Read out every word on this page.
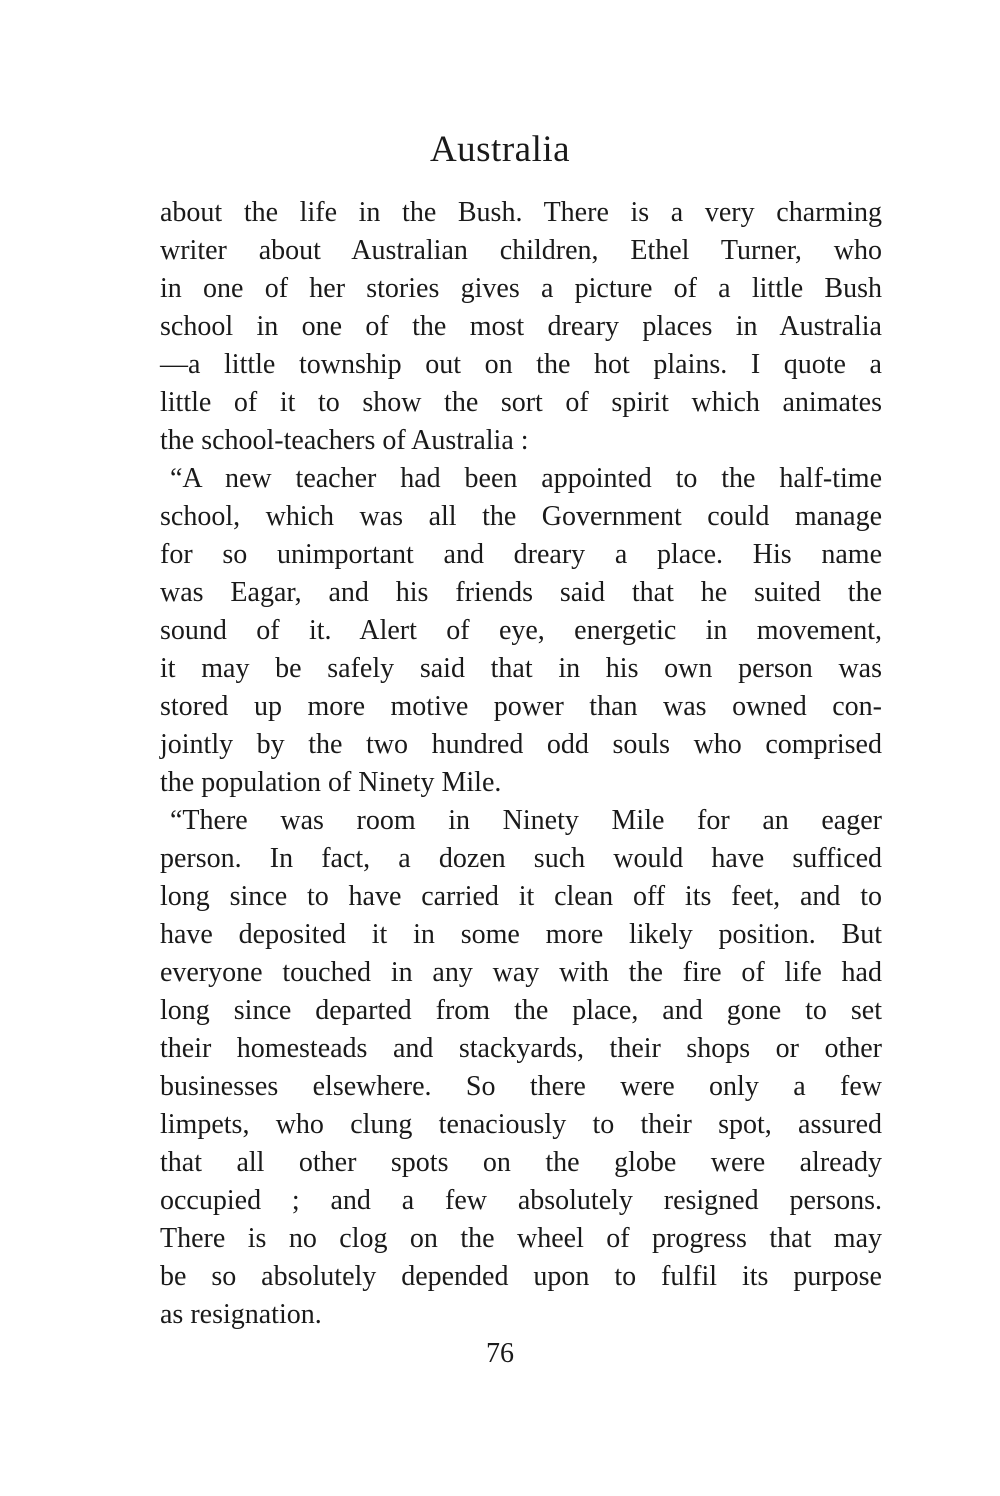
Australia
about the life in the Bush. There is a very charming
writer about Australian children, Ethel Turner, who
in one of her stories gives a picture of a little Bush
school in one of the most dreary places in Australia
—a little township out on the hot plains. I quote a
little of it to show the sort of spirit which animates
the school-teachers of Australia :
“A new teacher had been appointed to the half-time
school, which was all the Government could manage
for so unimportant and dreary a place. His name
was Eagar, and his friends said that he suited the
sound of it. Alert of eye, energetic in movement,
it may be safely said that in his own person was
stored up more motive power than was owned con-
jointly by the two hundred odd souls who comprised
the population of Ninety Mile.
“There was room in Ninety Mile for an eager
person. In fact, a dozen such would have sufficed
long since to have carried it clean off its feet, and to
have deposited it in some more likely position. But
everyone touched in any way with the fire of life had
long since departed from the place, and gone to set
their homesteads and stackyards, their shops or other
businesses elsewhere. So there were only a few
limpets, who clung tenaciously to their spot, assured
that all other spots on the globe were already
occupied ; and a few absolutely resigned persons.
There is no clog on the wheel of progress that may
be so absolutely depended upon to fulfil its purpose
as resignation.
76
